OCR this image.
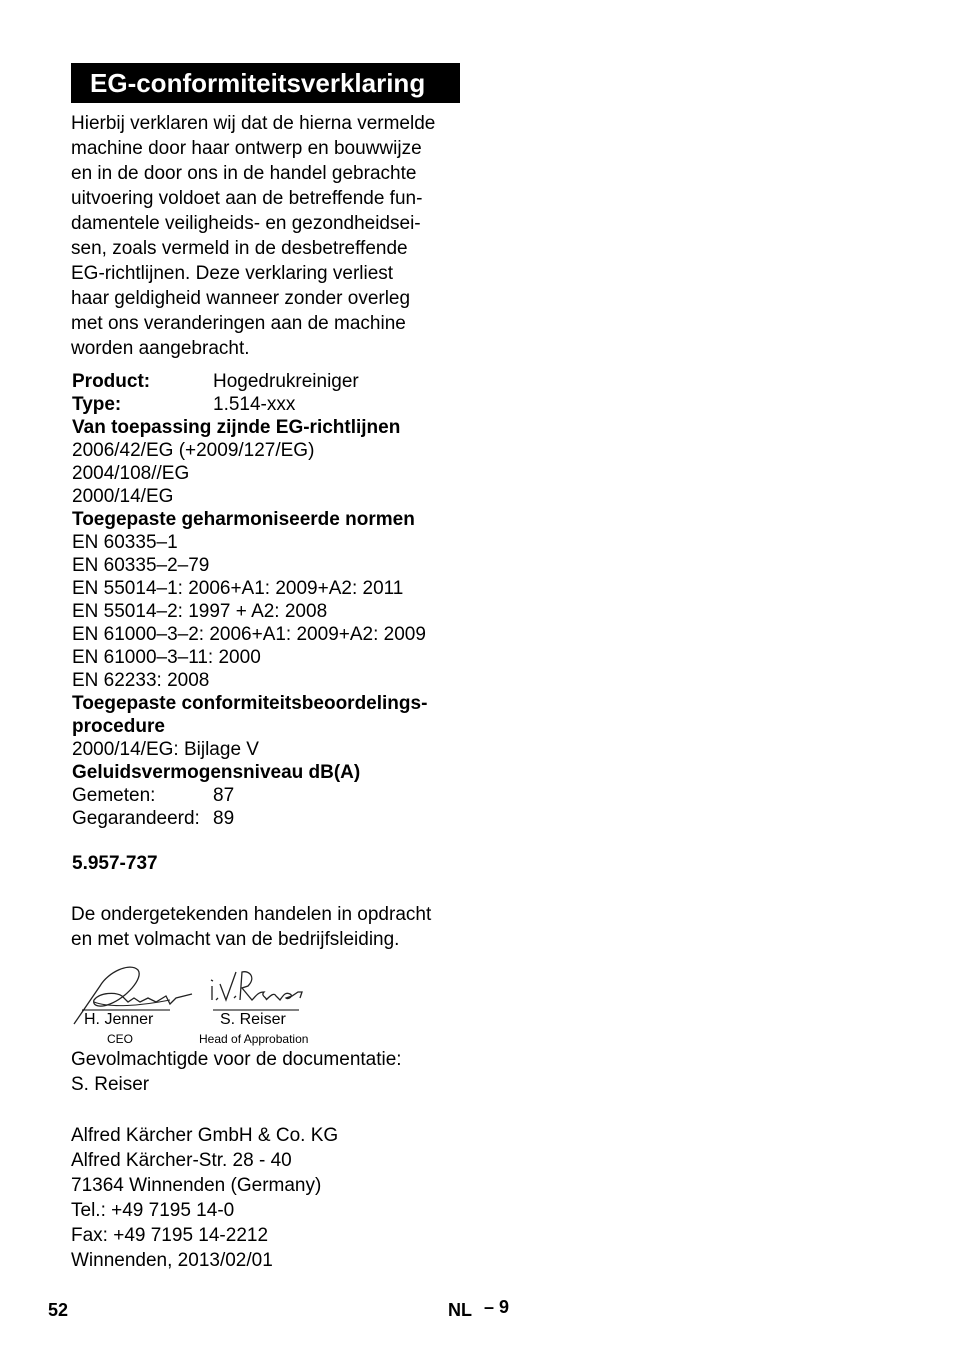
EG-conformiteitsverklaring
Hierbij verklaren wij dat de hierna vermelde
machine door haar ontwerp en bouwwijze
en in de door ons in de handel gebrachte
uitvoering voldoet aan de betreffende fun-
damentele veiligheids- en gezondheidsei-
sen, zoals vermeld in de desbetreffende
EG-richtlijnen. Deze verklaring verliest
haar geldigheid wanneer zonder overleg
met ons veranderingen aan de machine
worden aangebracht.
Product:	Hogedrukreiniger
Type:	1.514-xxx
Van toepassing zijnde EG-richtlijnen
2006/42/EG (+2009/127/EG)
2004/108//EG
2000/14/EG
Toegepaste geharmoniseerde normen
EN 60335–1
EN 60335–2–79
EN 55014–1: 2006+A1: 2009+A2: 2011
EN 55014–2: 1997 + A2: 2008
EN 61000–3–2: 2006+A1: 2009+A2: 2009
EN 61000–3–11: 2000
EN 62233: 2008
Toegepaste conformiteitsbeoordelings-
procedure
2000/14/EG: Bijlage V
Geluidsvermogensniveau dB(A)
Gemeten:	87
Gegarandeerd: 89
5.957-737
De ondergetekenden handelen in opdracht
en met volmacht van de bedrijfsleiding.
H. Jenner
CEO
S. Reiser
Head of Approbation
Gevolmachtigde voor de documentatie:
S. Reiser
Alfred Kärcher GmbH & Co. KG
Alfred Kärcher-Str. 28 - 40
71364 Winnenden (Germany)
Tel.: +49 7195 14-0
Fax: +49 7195 14-2212
Winnenden, 2013/02/01
52	NL – 9
